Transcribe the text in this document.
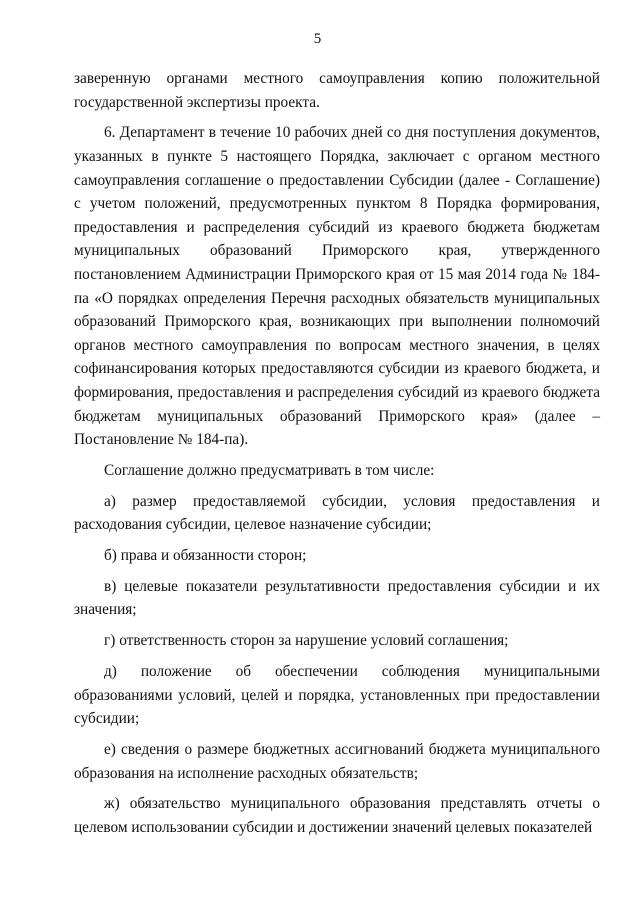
5

заверенную органами местного самоуправления копию положительной государственной экспертизы проекта.

6. Департамент в течение 10 рабочих дней со дня поступления документов, указанных в пункте 5 настоящего Порядка, заключает с органом местного самоуправления соглашение о предоставлении Субсидии (далее - Соглашение) с учетом положений, предусмотренных пунктом 8 Порядка формирования, предоставления и распределения субсидий из краевого бюджета бюджетам муниципальных образований Приморского края, утвержденного постановлением Администрации Приморского края от 15 мая 2014 года № 184-па «О порядках определения Перечня расходных обязательств муниципальных образований Приморского края, возникающих при выполнении полномочий органов местного самоуправления по вопросам местного значения, в целях софинансирования которых предоставляются субсидии из краевого бюджета, и формирования, предоставления и распределения субсидий из краевого бюджета бюджетам муниципальных образований Приморского края» (далее – Постановление № 184-па).

Соглашение должно предусматривать в том числе:

а) размер предоставляемой субсидии, условия предоставления и расходования субсидии, целевое назначение субсидии;

б) права и обязанности сторон;

в) целевые показатели результативности предоставления субсидии и их значения;

г) ответственность сторон за нарушение условий соглашения;

д) положение об обеспечении соблюдения муниципальными образованиями условий, целей и порядка, установленных при предоставлении субсидии;

е) сведения о размере бюджетных ассигнований бюджета муниципального образования на исполнение расходных обязательств;

ж) обязательство муниципального образования представлять отчеты о целевом использовании субсидии и достижении значений целевых показателей
